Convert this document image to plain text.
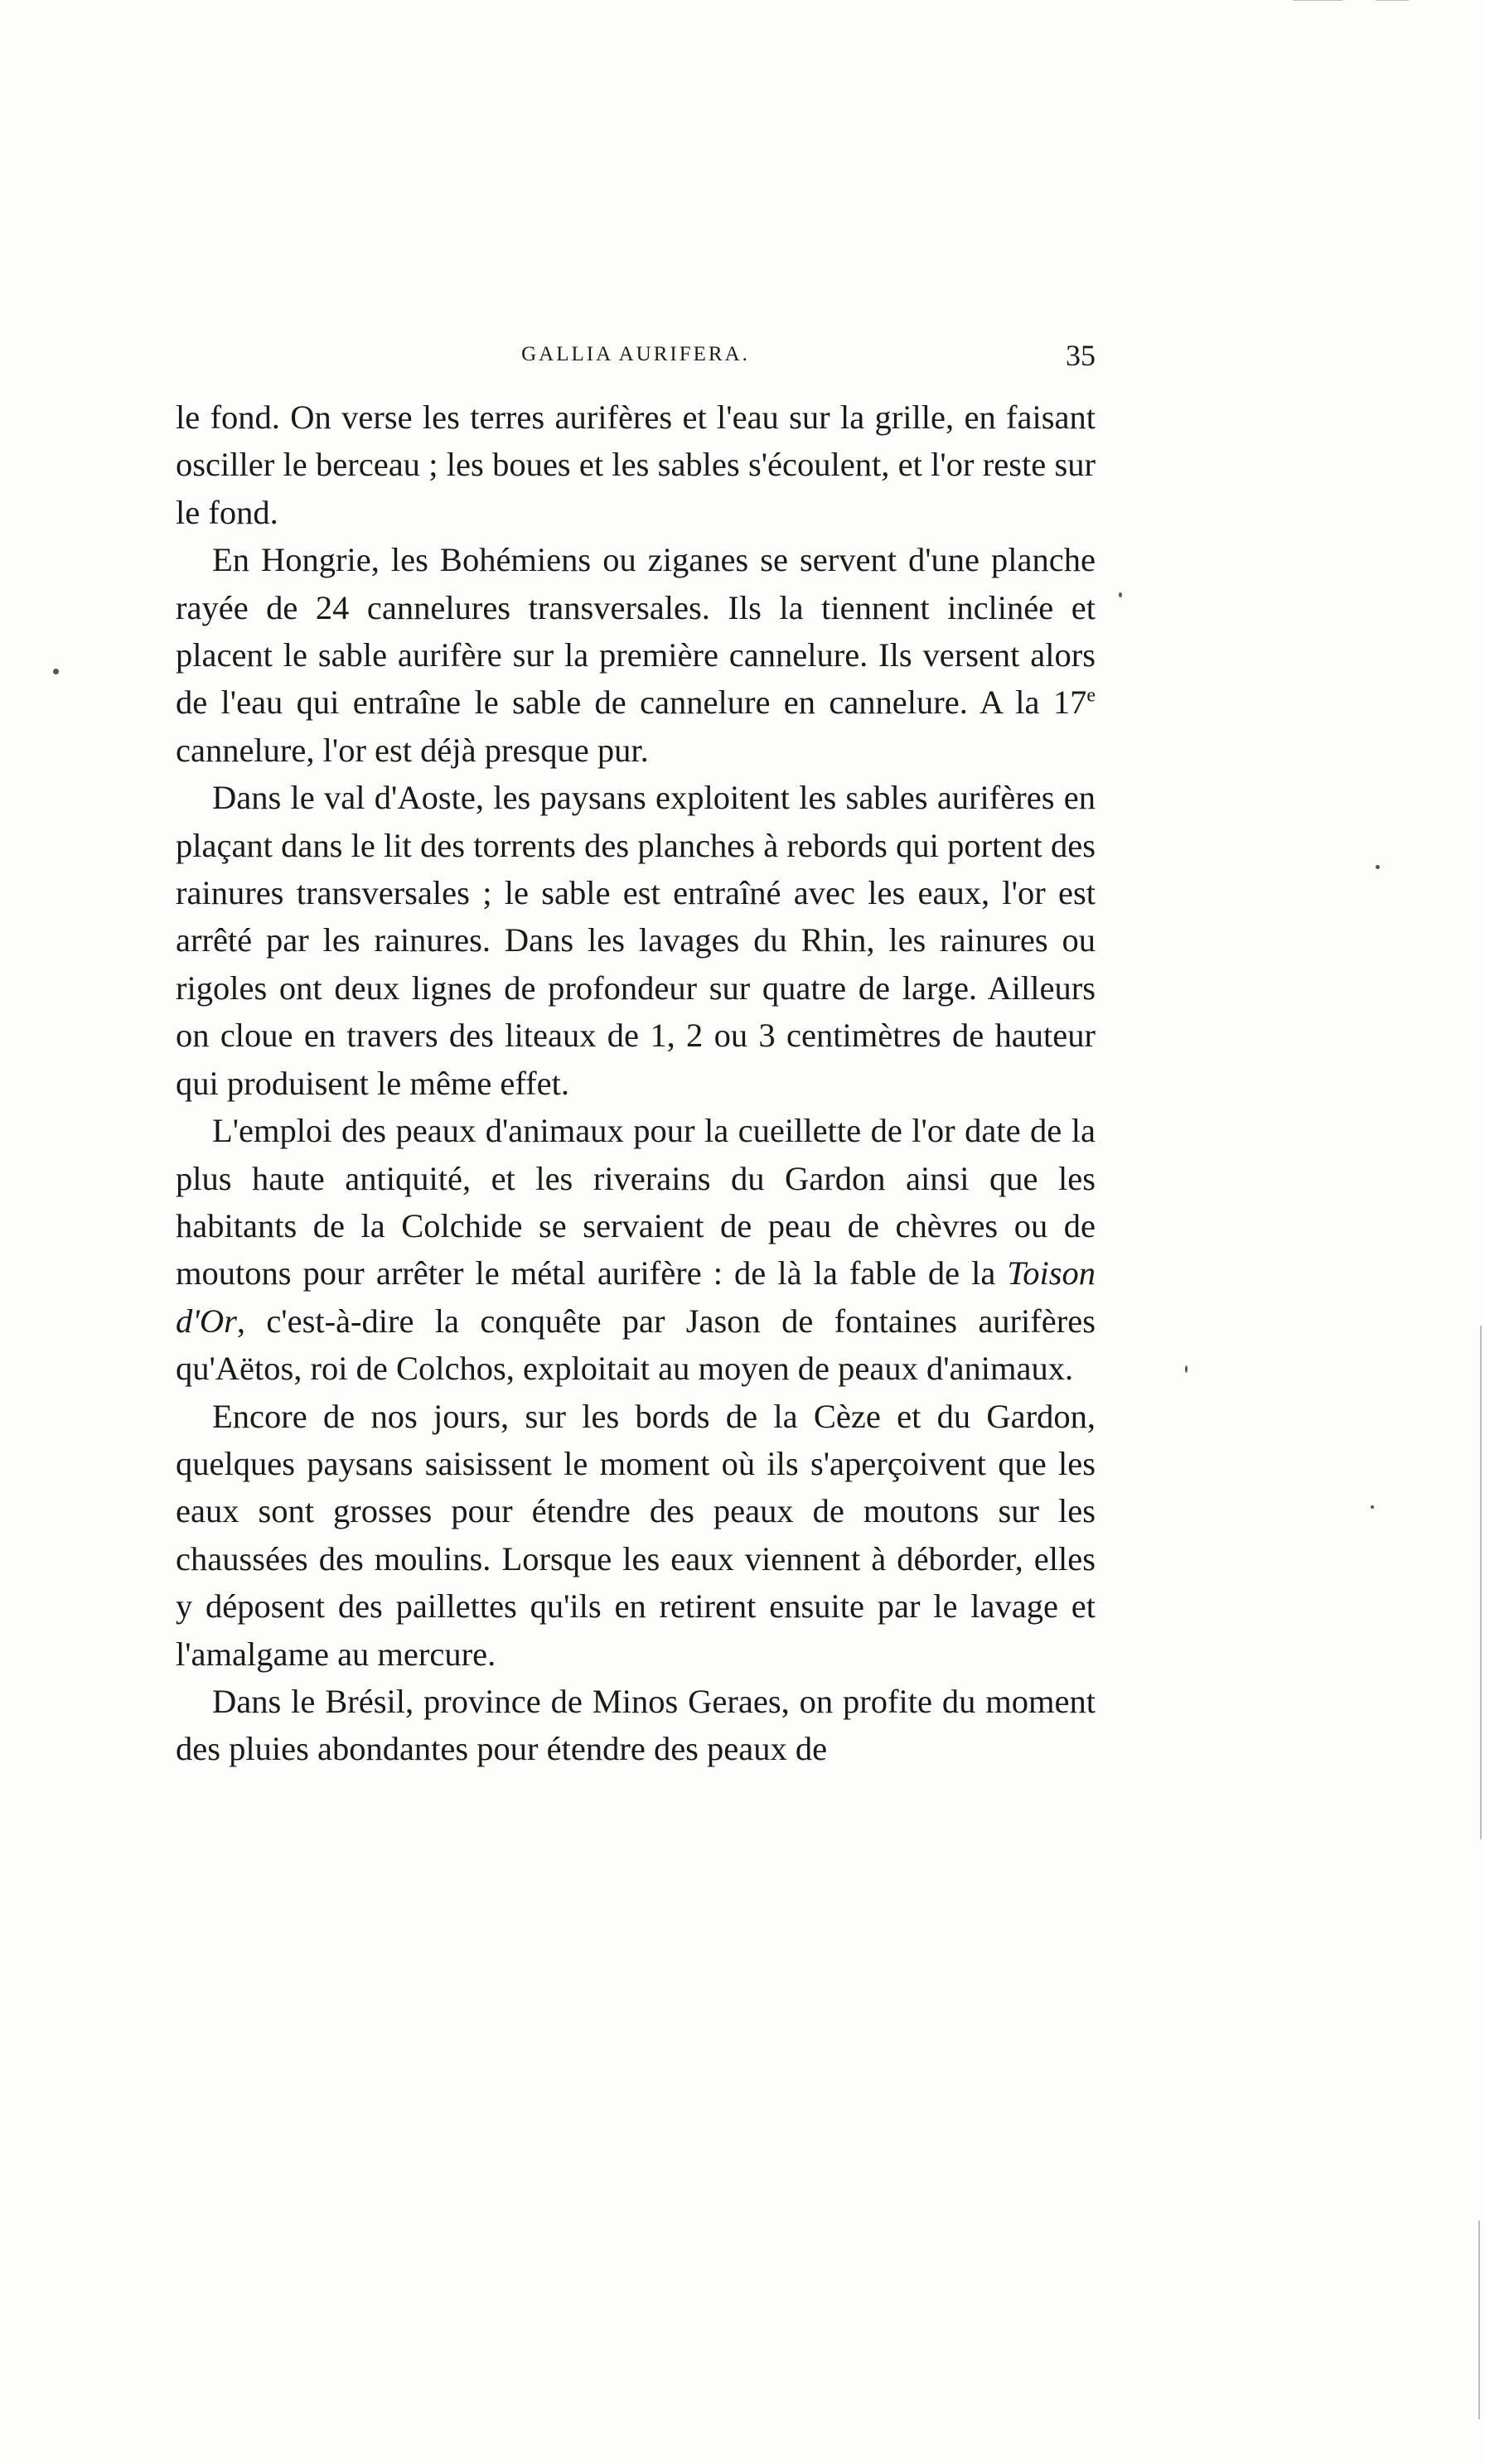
GALLIA AURIFERA.	35

le fond. On verse les terres aurifères et l'eau sur la grille, en faisant osciller le berceau ; les boues et les sables s'écoulent, et l'or reste sur le fond.

En Hongrie, les Bohémiens ou ziganes se servent d'une planche rayée de 24 cannelures transversales. Ils la tiennent inclinée et placent le sable aurifère sur la première cannelure. Ils versent alors de l'eau qui entraîne le sable de cannelure en cannelure. A la 17e cannelure, l'or est déjà presque pur.

Dans le val d'Aoste, les paysans exploitent les sables aurifères en plaçant dans le lit des torrents des planches à rebords qui portent des rainures transversales ; le sable est entraîné avec les eaux, l'or est arrêté par les rainures. Dans les lavages du Rhin, les rainures ou rigoles ont deux lignes de profondeur sur quatre de large. Ailleurs on cloue en travers des liteaux de 1, 2 ou 3 centimètres de hauteur qui produisent le même effet.

L'emploi des peaux d'animaux pour la cueillette de l'or date de la plus haute antiquité, et les riverains du Gardon ainsi que les habitants de la Colchide se servaient de peau de chèvres ou de moutons pour arrêter le métal aurifère : de là la fable de la Toison d'Or, c'est-à-dire la conquête par Jason de fontaines aurifères qu'Aëtos, roi de Colchos, exploitait au moyen de peaux d'animaux.

Encore de nos jours, sur les bords de la Cèze et du Gardon, quelques paysans saisissent le moment où ils s'aperçoivent que les eaux sont grosses pour étendre des peaux de moutons sur les chaussées des moulins. Lorsque les eaux viennent à déborder, elles y déposent des paillettes qu'ils en retirent ensuite par le lavage et l'amalgame au mercure.

Dans le Brésil, province de Minos Geraes, on profite du moment des pluies abondantes pour étendre des peaux de
